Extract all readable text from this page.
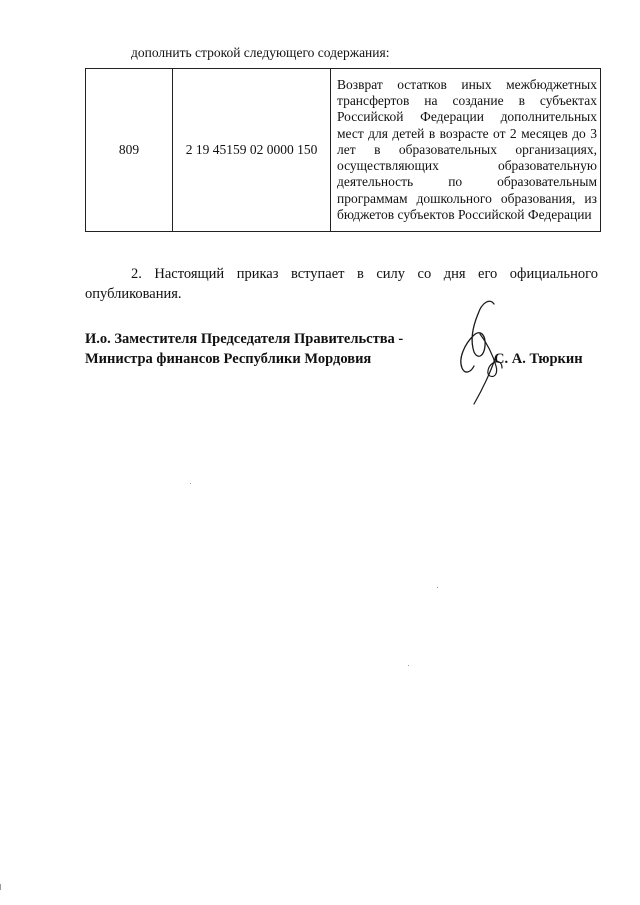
дополнить строкой следующего содержания:
809	2 19 45159 02 0000 150	Возврат остатков иных межбюджетных трансфертов на создание в субъектах Российской Федерации дополнительных мест для детей в возрасте от 2 месяцев до 3 лет в образовательных организациях, осуществляющих образовательную деятельность по образовательным программам дошкольного образования, из бюджетов субъектов Российской Федерации

2. Настоящий приказ вступает в силу со дня его официального опубликования.

И.о. Заместителя Председателя Правительства -
Министра финансов Республики Мордовия	С. А. Тюркин
